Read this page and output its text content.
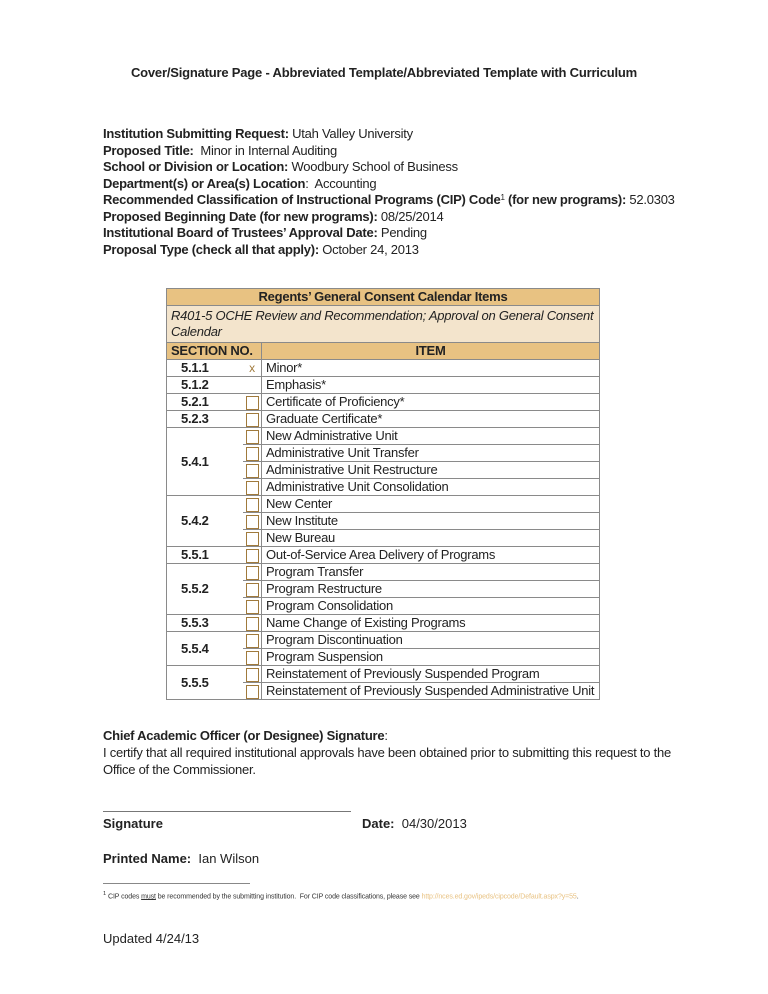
Cover/Signature Page - Abbreviated Template/Abbreviated Template with Curriculum
Institution Submitting Request: Utah Valley University
Proposed Title:  Minor in Internal Auditing
School or Division or Location: Woodbury School of Business
Department(s) or Area(s) Location:  Accounting
Recommended Classification of Instructional Programs (CIP) Code$^1$ (for new programs): 52.0303
Proposed Beginning Date (for new programs): 08/25/2014
Institutional Board of Trustees’ Approval Date: Pending
Proposal Type (check all that apply): October 24, 2013
Regents’ General Consent Calendar Items		
R401-5 OCHE Review and Recommendation; Approval on General Consent Calendar		
SECTION NO.		ITEM
5.1.1	x	Minor*
5.1.2		Emphasis*
5.2.1		Certificate of Proficiency*
5.2.3		Graduate Certificate*
5.4.1		New Administrative Unit
		Administrative Unit Transfer
		Administrative Unit Restructure
		Administrative Unit Consolidation
5.4.2		New Center
		New Institute
		New Bureau
5.5.1		Out-of-Service Area Delivery of Programs
5.5.2		Program Transfer
		Program Restructure
		Program Consolidation
5.5.3		Name Change of Existing Programs
5.5.4		Program Discontinuation
		Program Suspension
5.5.5		Reinstatement of Previously Suspended Program
		Reinstatement of Previously Suspended Administrative Unit
Chief Academic Officer (or Designee) Signature:
I certify that all required institutional approvals have been obtained prior to submitting this request to the Office of the Commissioner.
Signature	Date:  04/30/2013
Printed Name:  Ian Wilson
$^1$ CIP codes must be recommended by the submitting institution.  For CIP code classifications, please see http://nces.ed.gov/ipeds/cipcode/Default.aspx?y=55.
Updated 4/24/13
